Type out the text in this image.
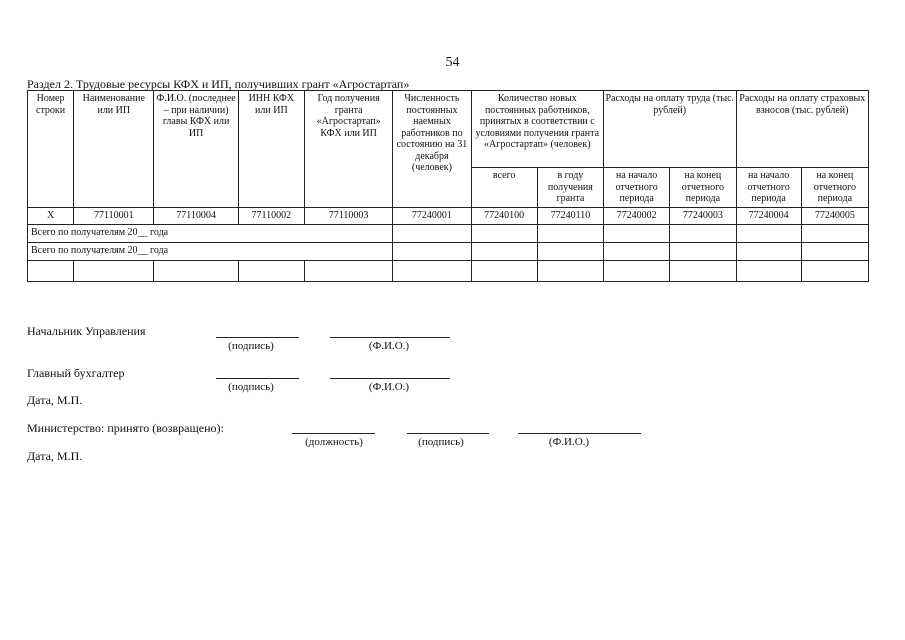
54
Раздел 2. Трудовые ресурсы КФХ и ИП, получивших грант «Агростартап»
Номер строки	Наименование или ИП	Ф.И.О. (последнее – при наличии) главы КФХ или ИП	ИНН КФХ или ИП	Год получения гранта «Агростартап» КФХ или ИП	Численность постоянных наемных работников по состоянию на 31 декабря (человек)	Количество новых постоянных работников, принятых в соответствии с условиями получения гранта «Агростартап» (человек)		Расходы на оплату труда (тыс. рублей)		Расходы на оплату страховых взносов (тыс. рублей)	
						всего	в году получения гранта	на начало отчетного периода	на конец отчетного периода	на начало отчетного периода	на конец отчетного периода
X	77110001	77110004	77110002	77110003	77240001	77240100	77240110	77240002	77240003	77240004	77240005
Всего по получателям 20__ года											
Всего по получателям 20__ года											

Начальник Управления
(подпись)	(Ф.И.О.)
Главный бухгалтер
(подпись)	(Ф.И.О.)
Дата, М.П.
Министерство: принято (возвращено):
(должность)	(подпись)	(Ф.И.О.)
Дата, М.П.
